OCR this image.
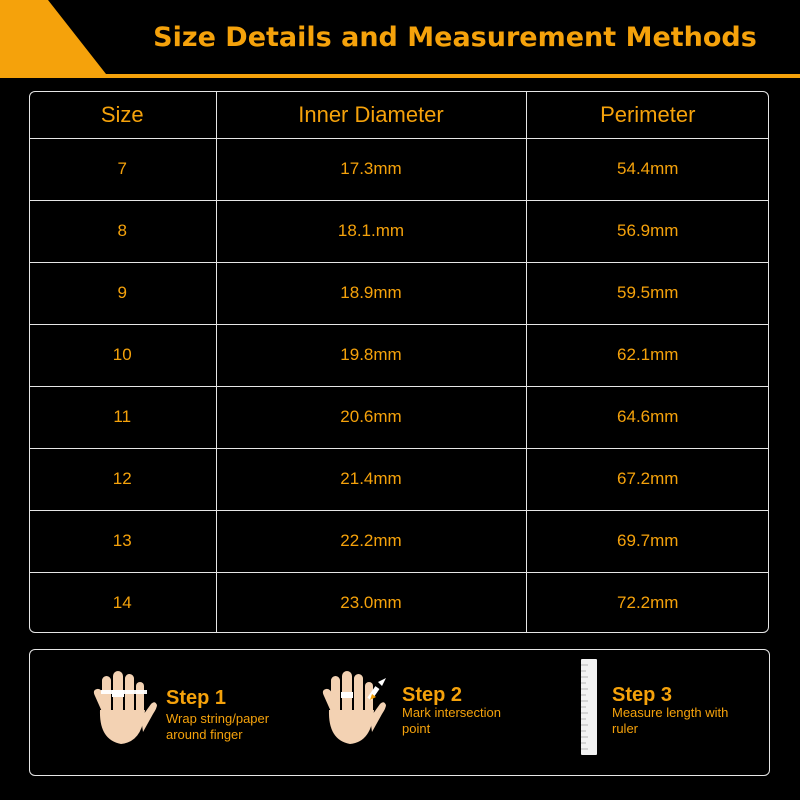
Size Details and Measurement Methods
Size	Inner Diameter	Perimeter
7	17.3mm	54.4mm
8	18.1.mm	56.9mm
9	18.9mm	59.5mm
10	19.8mm	62.1mm
11	20.6mm	64.6mm
12	21.4mm	67.2mm
13	22.2mm	69.7mm
14	23.0mm	72.2mm
Step 1
Wrap string/paper
around finger
Step 2
Mark intersection
point
Step 3
Measure length with
ruler
